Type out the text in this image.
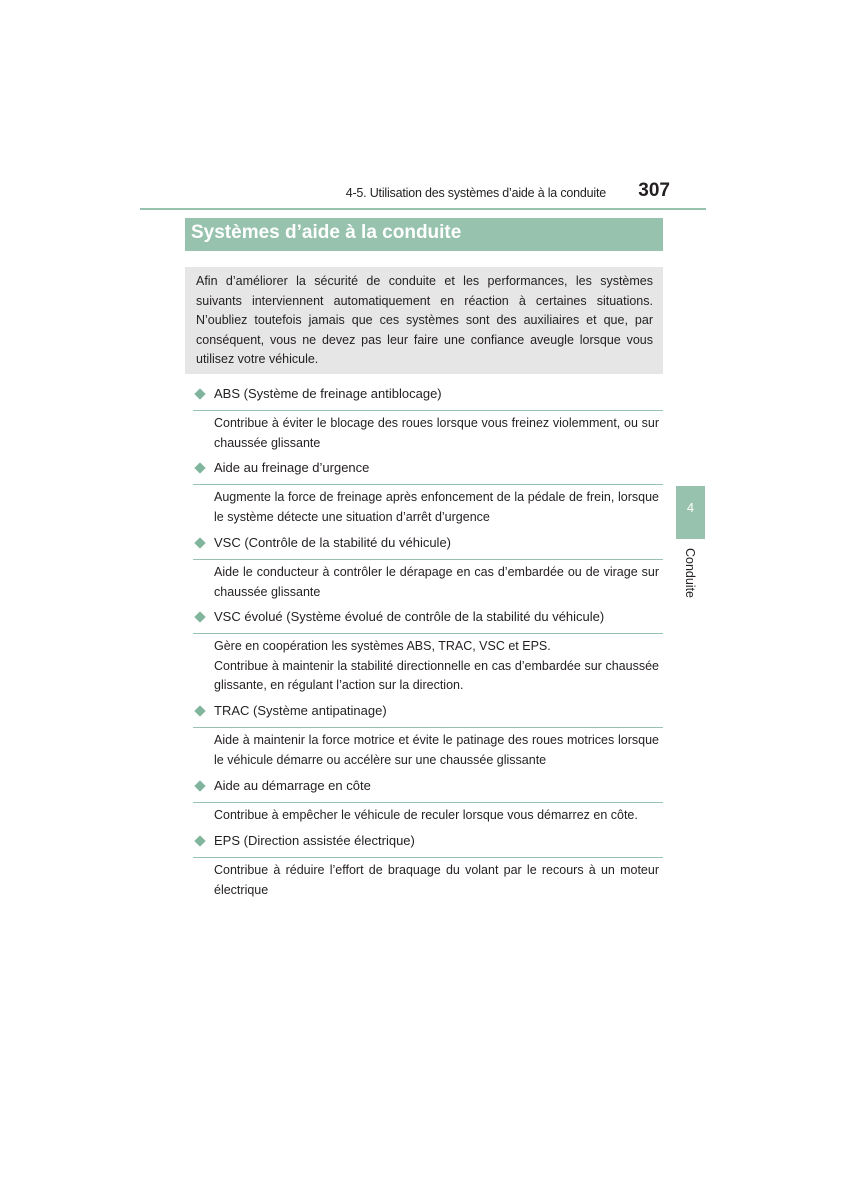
4-5. Utilisation des systèmes d’aide à la conduite 307
Systèmes d’aide à la conduite
Afin d’améliorer la sécurité de conduite et les performances, les systèmes suivants interviennent automatiquement en réaction à certaines situations. N’oubliez toutefois jamais que ces systèmes sont des auxiliaires et que, par conséquent, vous ne devez pas leur faire une confiance aveugle lorsque vous utilisez votre véhicule.
ABS (Système de freinage antiblocage)

Contribue à éviter le blocage des roues lorsque vous freinez violemment, ou sur chaussée glissante

Aide au freinage d’urgence

Augmente la force de freinage après enfoncement de la pédale de frein, lorsque le système détecte une situation d’arrêt d’urgence

VSC (Contrôle de la stabilité du véhicule)

Aide le conducteur à contrôler le dérapage en cas d’embardée ou de virage sur chaussée glissante

VSC évolué (Système évolué de contrôle de la stabilité du véhicule)

Gère en coopération les systèmes ABS, TRAC, VSC et EPS.

Contribue à maintenir la stabilité directionnelle en cas d’embardée sur chaussée glissante, en régulant l’action sur la direction.

TRAC (Système antipatinage)

Aide à maintenir la force motrice et évite le patinage des roues motrices lorsque le véhicule démarre ou accélère sur une chaussée glissante

Aide au démarrage en côte

Contribue à empêcher le véhicule de reculer lorsque vous démarrez en côte.

EPS (Direction assistée électrique)

Contribue à réduire l’effort de braquage du volant par le recours à un moteur électrique

4
Conduite
